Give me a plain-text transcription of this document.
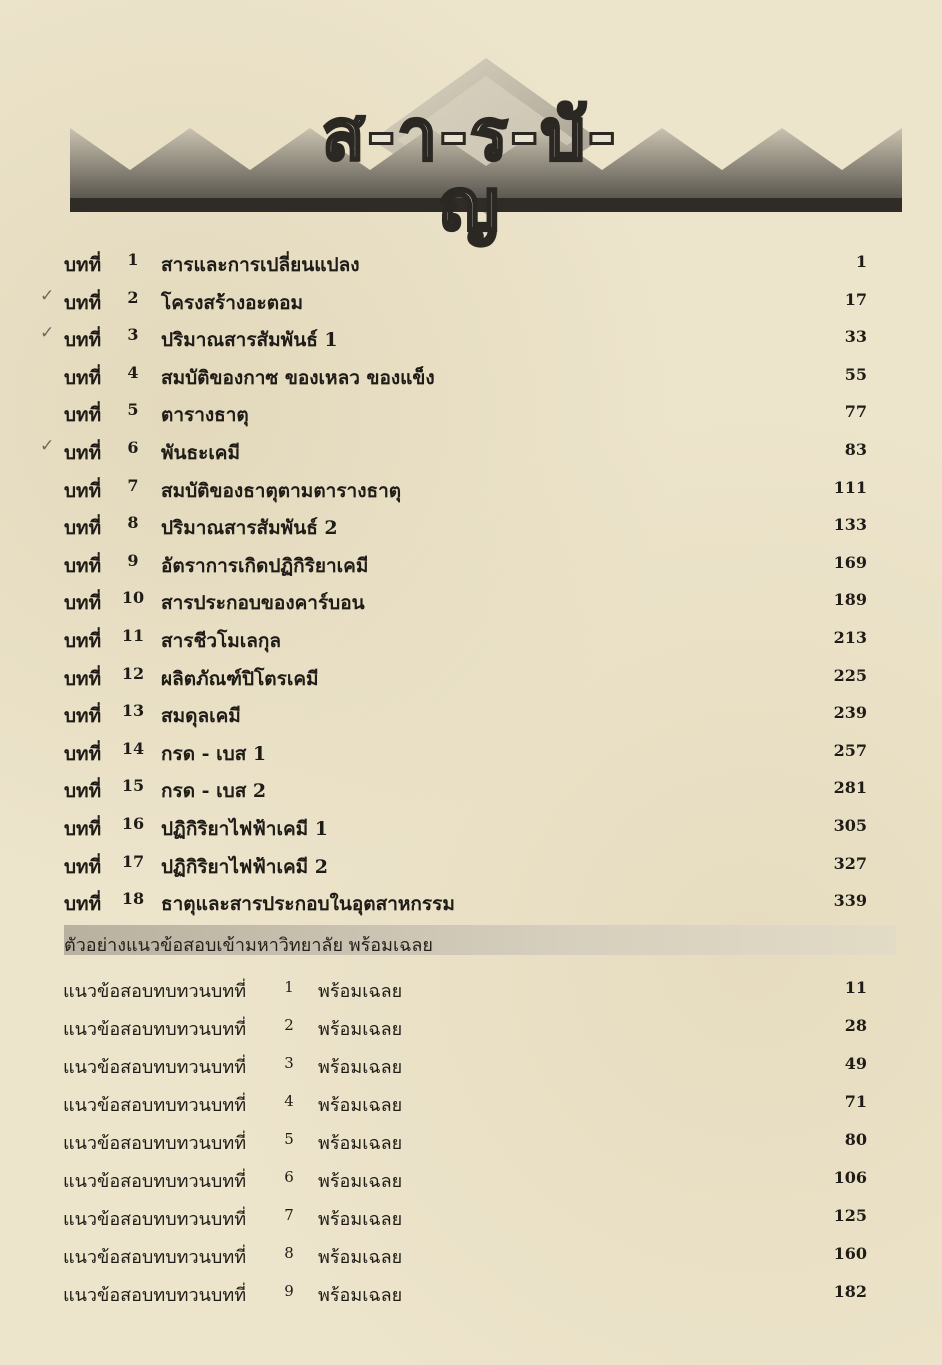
ส-า-ร-บั-ญ
บทที่	1	สารและการเปลี่ยนแปลง	1
✓ บทที่	2	โครงสร้างอะตอม	17
✓ บทที่	3	ปริมาณสารสัมพันธ์ 1	33
บทที่	4	สมบัติของกาซ ของเหลว ของแข็ง	55
บทที่	5	ตารางธาตุ	77
✓ บทที่	6	พันธะเคมี	83
บทที่	7	สมบัติของธาตุตามตารางธาตุ	111
บทที่	8	ปริมาณสารสัมพันธ์ 2	133
บทที่	9	อัตราการเกิดปฏิกิริยาเคมี	169
บทที่ 10 สารประกอบของคาร์บอน	189
บทที่ 11 สารชีวโมเลกุล	213
บทที่ 12 ผลิตภัณฑ์ปิโตรเคมี	225
บทที่ 13 สมดุลเคมี	239
บทที่ 14 กรด - เบส 1	257
บทที่ 15 กรด - เบส 2	281
บทที่ 16 ปฏิกิริยาไฟฟ้าเคมี 1	305
บทที่ 17 ปฏิกิริยาไฟฟ้าเคมี 2	327
บทที่ 18 ธาตุและสารประกอบในอุตสาหกรรม	339
ตัวอย่างแนวข้อสอบเข้ามหาวิทยาลัย พร้อมเฉลย
แนวข้อสอบทบทวนบทที่	1	พร้อมเฉลย	11
แนวข้อสอบทบทวนบทที่	2	พร้อมเฉลย	28
แนวข้อสอบทบทวนบทที่	3	พร้อมเฉลย	49
แนวข้อสอบทบทวนบทที่	4	พร้อมเฉลย	71
แนวข้อสอบทบทวนบทที่	5	พร้อมเฉลย	80
แนวข้อสอบทบทวนบทที่	6	พร้อมเฉลย	106
แนวข้อสอบทบทวนบทที่	7	พร้อมเฉลย	125
แนวข้อสอบทบทวนบทที่	8	พร้อมเฉลย	160
แนวข้อสอบทบทวนบทที่	9	พร้อมเฉลย	182
